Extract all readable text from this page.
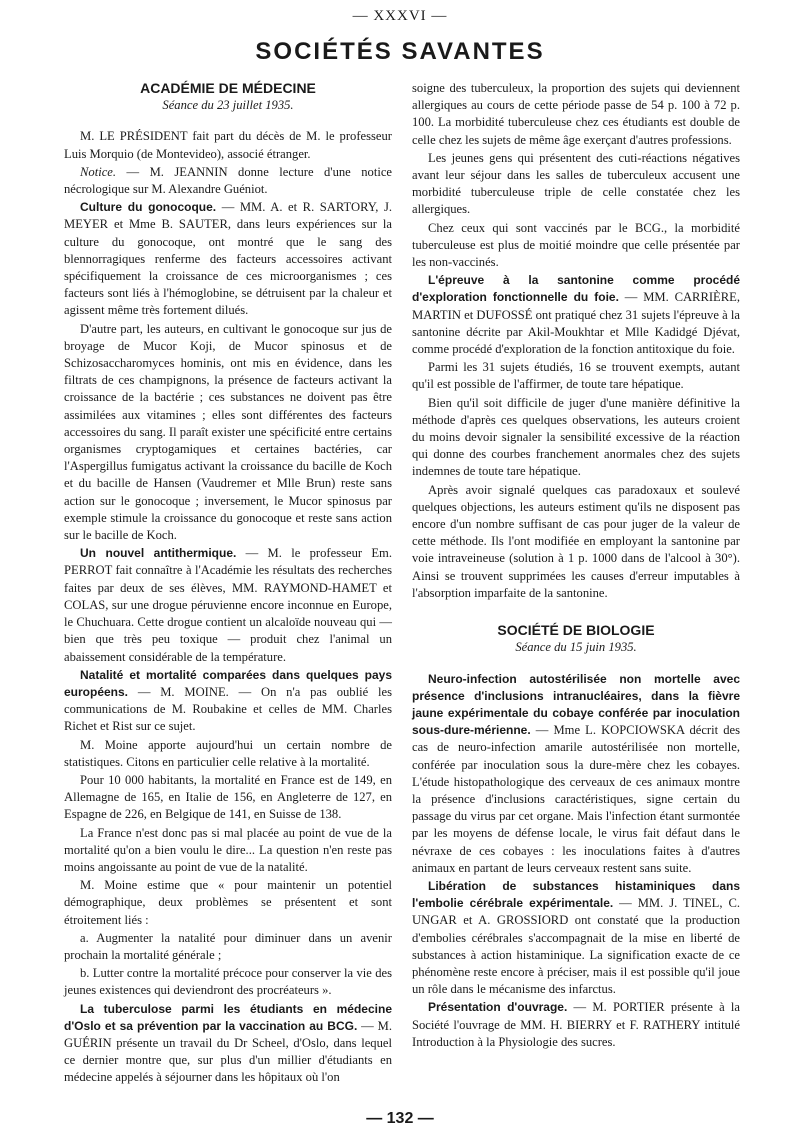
— XXXVI —
SOCIÉTÉS SAVANTES
ACADÉMIE DE MÉDECINE
Séance du 23 juillet 1935.

M. LE PRÉSIDENT fait part du décès de M. le professeur Luis Morquio (de Montevideo), associé étranger.

Notice. — M. JEANNIN donne lecture d'une notice nécrologique sur M. Alexandre Guéniot.

Culture du gonocoque. — MM. A. et R. SARTORY, J. MEYER et Mme B. SAUTER, dans leurs expériences sur la culture du gonocoque, ont montré que le sang des blennorragiques renferme des facteurs accessoires activant spécifiquement la croissance de ces microorganismes ; ces facteurs sont liés à l'hémoglobine, se détruisent par la chaleur et agissent même très fortement dilués.

D'autre part, les auteurs, en cultivant le gonocoque sur jus de broyage de Mucor Koji, de Mucor spinosus et de Schizosaccharomyces hominis, ont mis en évidence, dans les filtrats de ces champignons, la présence de facteurs activant la croissance de la bactérie ; ces substances ne doivent pas être assimilées aux vitamines ; elles sont différentes des facteurs accessoires du sang. Il paraît exister une spécificité entre certains organismes cryptogamiques et certaines bactéries, car l'Aspergillus fumigatus activant la croissance du bacille de Koch et du bacille de Hansen (Vaudremer et Mlle Brun) reste sans action sur le gonocoque ; inversement, le Mucor spinosus par exemple stimule la croissance du gonocoque et reste sans action sur le bacille de Koch.

Un nouvel antithermique. — M. le professeur Em. PERROT fait connaître à l'Académie les résultats des recherches faites par deux de ses élèves, MM. RAYMOND-HAMET et COLAS, sur une drogue péruvienne encore inconnue en Europe, le Chuchuara. Cette drogue contient un alcaloïde nouveau qui — bien que très peu toxique — produit chez l'animal un abaissement considérable de la température.

Natalité et mortalité comparées dans quelques pays européens. — M. MOINE. — On n'a pas oublié les communications de M. Roubakine et celles de MM. Charles Richet et Rist sur ce sujet.

M. Moine apporte aujourd'hui un certain nombre de statistiques. Citons en particulier celle relative à la mortalité.

Pour 10 000 habitants, la mortalité en France est de 149, en Allemagne de 165, en Italie de 156, en Angleterre de 127, en Espagne de 226, en Belgique de 141, en Suisse de 138.

La France n'est donc pas si mal placée au point de vue de la mortalité qu'on a bien voulu le dire... La question n'en reste pas moins angoissante au point de vue de la natalité.

M. Moine estime que « pour maintenir un potentiel démographique, deux problèmes se présentent et sont étroitement liés :

a. Augmenter la natalité pour diminuer dans un avenir prochain la mortalité générale ;

b. Lutter contre la mortalité précoce pour conserver la vie des jeunes existences qui deviendront des procréateurs ».

La tuberculose parmi les étudiants en médecine d'Oslo et sa prévention par la vaccination au BCG. — M. GUÉRIN présente un travail du Dr Scheel, d'Oslo, dans lequel ce dernier montre que, sur plus d'un millier d'étudiants en médecine appelés à séjourner dans les hôpitaux où l'on

soigne des tuberculeux, la proportion des sujets qui deviennent allergiques au cours de cette période passe de 54 p. 100 à 72 p. 100. La morbidité tuberculeuse chez ces étudiants est double de celle chez les sujets de même âge exerçant d'autres professions.

Les jeunes gens qui présentent des cuti-réactions négatives avant leur séjour dans les salles de tuberculeux accusent une morbidité tuberculeuse triple de celle constatée chez les allergiques.

Chez ceux qui sont vaccinés par le BCG., la morbidité tuberculeuse est plus de moitié moindre que celle présentée par les non-vaccinés.

L'épreuve à la santonine comme procédé d'exploration fonctionnelle du foie. — MM. CARRIÈRE, MARTIN et DUFOSSÉ ont pratiqué chez 31 sujets l'épreuve à la santonine décrite par Akil-Moukhtar et Mlle Kadidgé Djévat, comme procédé d'exploration de la fonction antitoxique du foie.

Parmi les 31 sujets étudiés, 16 se trouvent exempts, autant qu'il est possible de l'affirmer, de toute tare hépatique.

Bien qu'il soit difficile de juger d'une manière définitive la méthode d'après ces quelques observations, les auteurs croient du moins devoir signaler la sensibilité excessive de la réaction qui donne des courbes franchement anormales chez des sujets indemnes de toute tare hépatique.

Après avoir signalé quelques cas paradoxaux et soulevé quelques objections, les auteurs estiment qu'ils ne disposent pas encore d'un nombre suffisant de cas pour juger de la valeur de cette méthode. Ils l'ont modifiée en employant la santonine par voie intraveineuse (solution à 1 p. 1000 dans de l'alcool à 30°). Ainsi se trouvent supprimées les causes d'erreur imputables à l'absorption imparfaite de la santonine.

SOCIÉTÉ DE BIOLOGIE
Séance du 15 juin 1935.

Neuro-infection autostérilisée non mortelle avec présence d'inclusions intranucléaires, dans la fièvre jaune expérimentale du cobaye conférée par inoculation sous-dure-mérienne. — Mme L. KOPCIOWSKA décrit des cas de neuro-infection amarile autostérilisée non mortelle, conférée par inoculation sous la dure-mère chez les cobayes. L'étude histopathologique des cerveaux de ces animaux montre la présence d'inclusions caractéristiques, signe certain du passage du virus par cet organe. Mais l'infection étant surmontée par les moyens de défense locale, le virus fait défaut dans le névraxe de ces cobayes : les inoculations faites à d'autres animaux en partant de leurs cerveaux restent sans suite.

Libération de substances histaminiques dans l'embolie cérébrale expérimentale. — MM. J. TINEL, C. UNGAR et A. GROSSIORD ont constaté que la production d'embolies cérébrales s'accompagnait de la mise en liberté de substances à action histaminique. La signification exacte de ce phénomène reste encore à préciser, mais il est possible qu'il joue un rôle dans le mécanisme des infarctus.

Présentation d'ouvrage. — M. PORTIER présente à la Société l'ouvrage de MM. H. BIERRY et F. RATHERY intitulé Introduction à la Physiologie des sucres.

— 132 —
